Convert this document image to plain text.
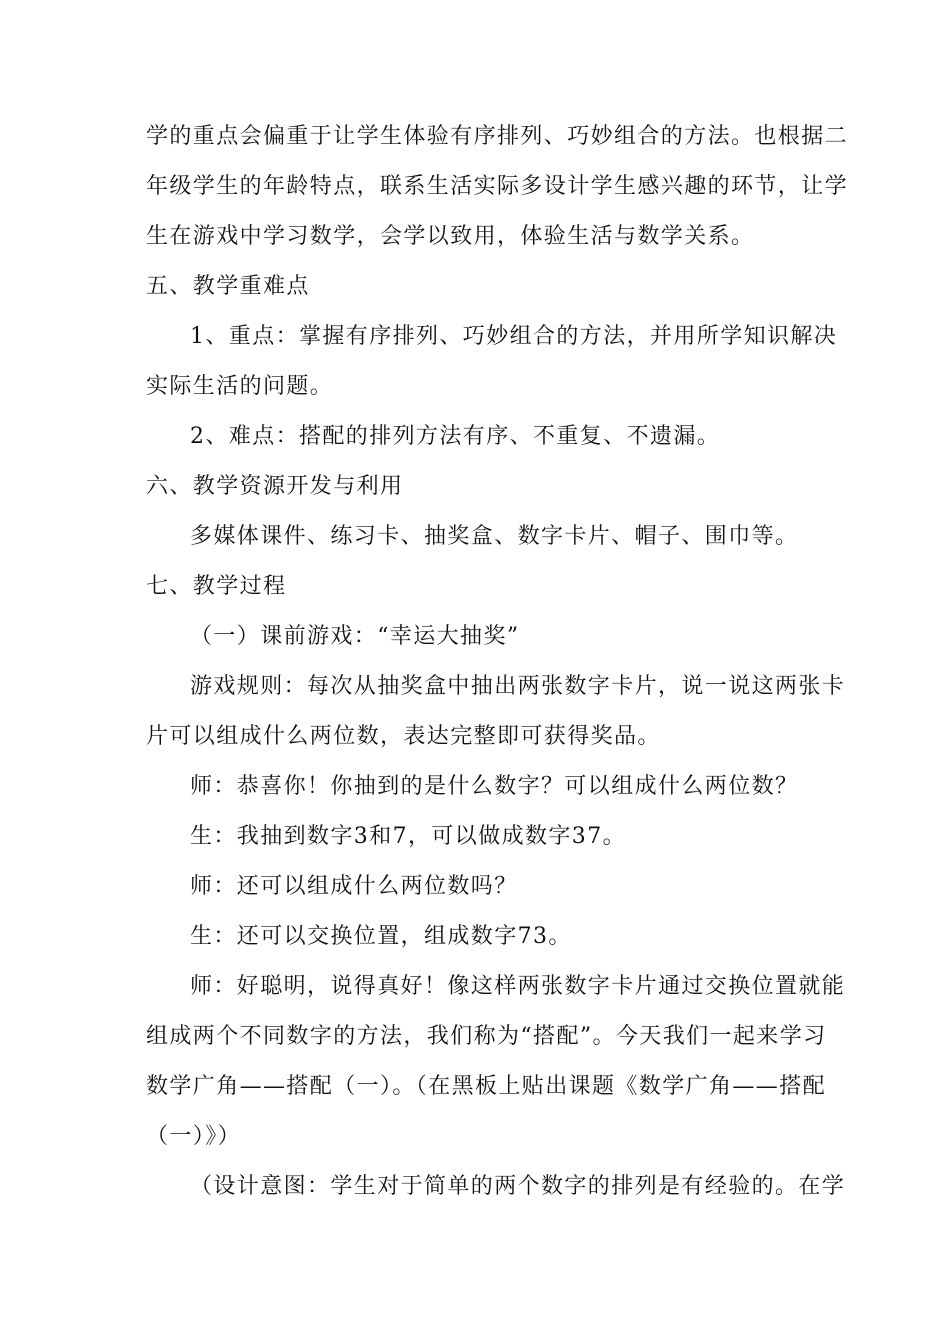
学的重点会偏重于让学生体验有序排列、巧妙组合的方法。也根据二
年级学生的年龄特点，联系生活实际多设计学生感兴趣的环节，让学
生在游戏中学习数学，会学以致用，体验生活与数学关系。
五、教学重难点
1、重点：掌握有序排列、巧妙组合的方法，并用所学知识解决
实际生活的问题。
2、难点：搭配的排列方法有序、不重复、不遗漏。
六、教学资源开发与利用
多媒体课件、练习卡、抽奖盒、数字卡片、帽子、围巾等。
七、教学过程
（一）课前游戏：“幸运大抽奖”
游戏规则：每次从抽奖盒中抽出两张数字卡片，说一说这两张卡
片可以组成什么两位数，表达完整即可获得奖品。
师：恭喜你！你抽到的是什么数字？可以组成什么两位数？
生：我抽到数字3和7，可以做成数字37。
师：还可以组成什么两位数吗？
生：还可以交换位置，组成数字73。
师：好聪明，说得真好！像这样两张数字卡片通过交换位置就能
组成两个不同数字的方法，我们称为“搭配”。今天我们一起来学习
数学广角——搭配（一）。（在黑板上贴出课题《数学广角——搭配
（一）》）
（设计意图：学生对于简单的两个数字的排列是有经验的。在学
